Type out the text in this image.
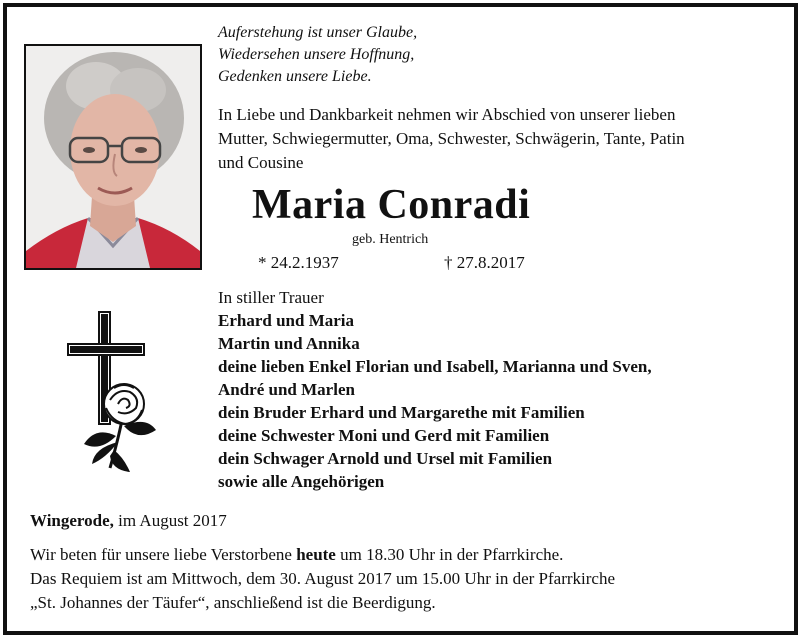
Auferstehung ist unser Glaube,
Wiedersehen unsere Hoffnung,
Gedenken unsere Liebe.
In Liebe und Dankbarkeit nehmen wir Abschied von unserer lieben
Mutter, Schwiegermutter, Oma, Schwester, Schwägerin, Tante, Patin
und Cousine
Maria Conradi
geb. Hentrich
* 24.2.1937	† 27.8.2017
In stiller Trauer
Erhard und Maria
Martin und Annika
deine lieben Enkel Florian und Isabell, Marianna und Sven,
André und Marlen
dein Bruder Erhard und Margarethe mit Familien
deine Schwester Moni und Gerd mit Familien
dein Schwager Arnold und Ursel mit Familien
sowie alle Angehörigen
Wingerode, im August 2017
Wir beten für unsere liebe Verstorbene heute um 18.30 Uhr in der Pfarrkirche.
Das Requiem ist am Mittwoch, dem 30. August 2017 um 15.00 Uhr in der Pfarrkirche
„St. Johannes der Täufer“, anschließend ist die Beerdigung.
